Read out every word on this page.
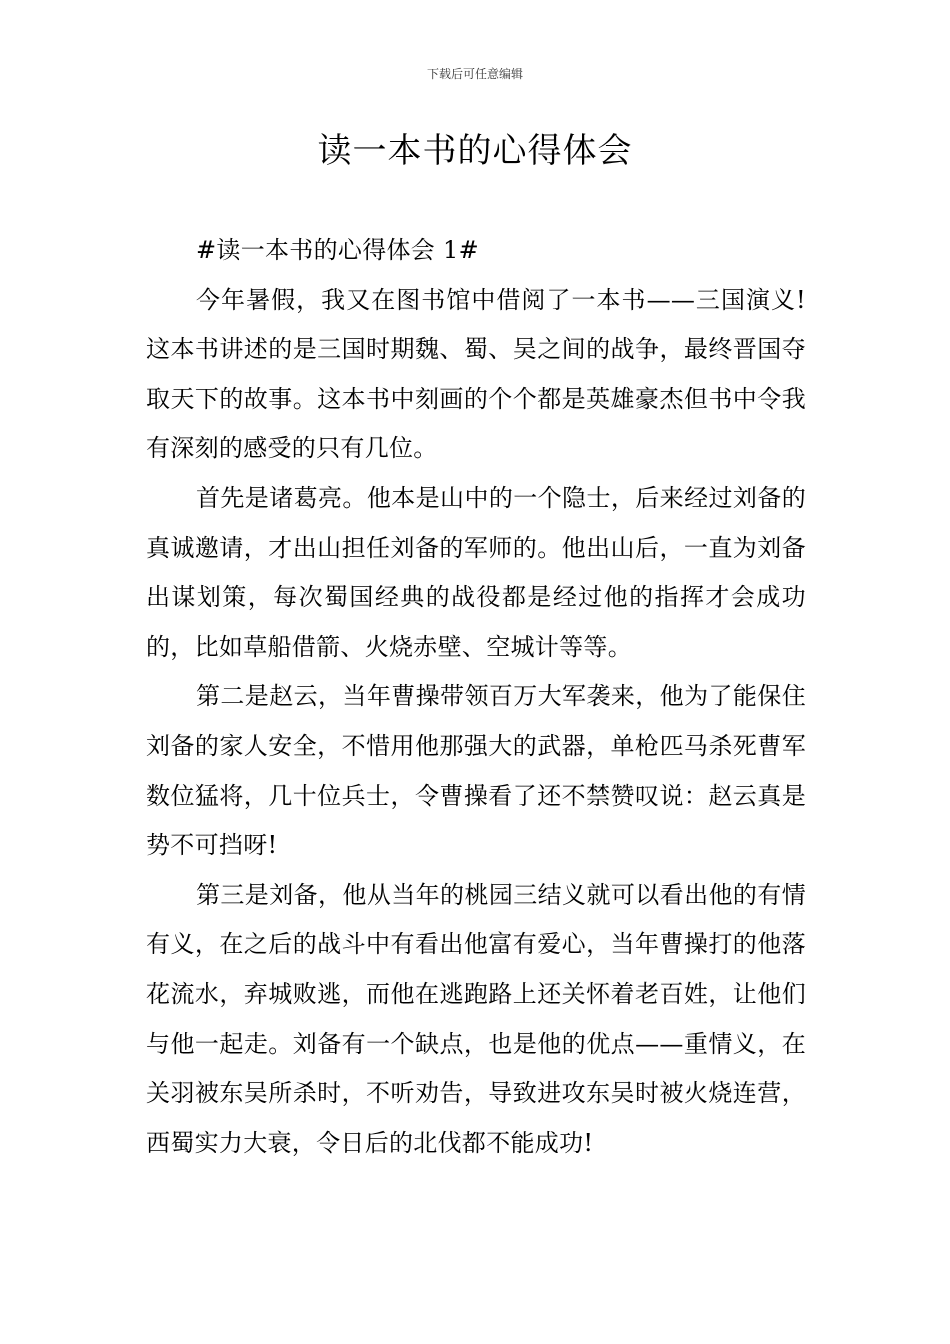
下载后可任意编辑
读一本书的心得体会

#读一本书的心得体会 1#

今年暑假，我又在图书馆中借阅了一本书——三国演义!这本书讲述的是三国时期魏、蜀、吴之间的战争，最终晋国夺取天下的故事。这本书中刻画的个个都是英雄豪杰但书中令我有深刻的感受的只有几位。

首先是诸葛亮。他本是山中的一个隐士，后来经过刘备的真诚邀请，才出山担任刘备的军师的。他出山后，一直为刘备出谋划策，每次蜀国经典的战役都是经过他的指挥才会成功的，比如草船借箭、火烧赤壁、空城计等等。

第二是赵云，当年曹操带领百万大军袭来，他为了能保住刘备的家人安全，不惜用他那强大的武器，单枪匹马杀死曹军数位猛将，几十位兵士，令曹操看了还不禁赞叹说：赵云真是势不可挡呀!

第三是刘备，他从当年的桃园三结义就可以看出他的有情有义，在之后的战斗中有看出他富有爱心，当年曹操打的他落花流水，弃城败逃，而他在逃跑路上还关怀着老百姓，让他们与他一起走。刘备有一个缺点，也是他的优点——重情义，在关羽被东吴所杀时，不听劝告，导致进攻东吴时被火烧连营，西蜀实力大衰，令日后的北伐都不能成功!
